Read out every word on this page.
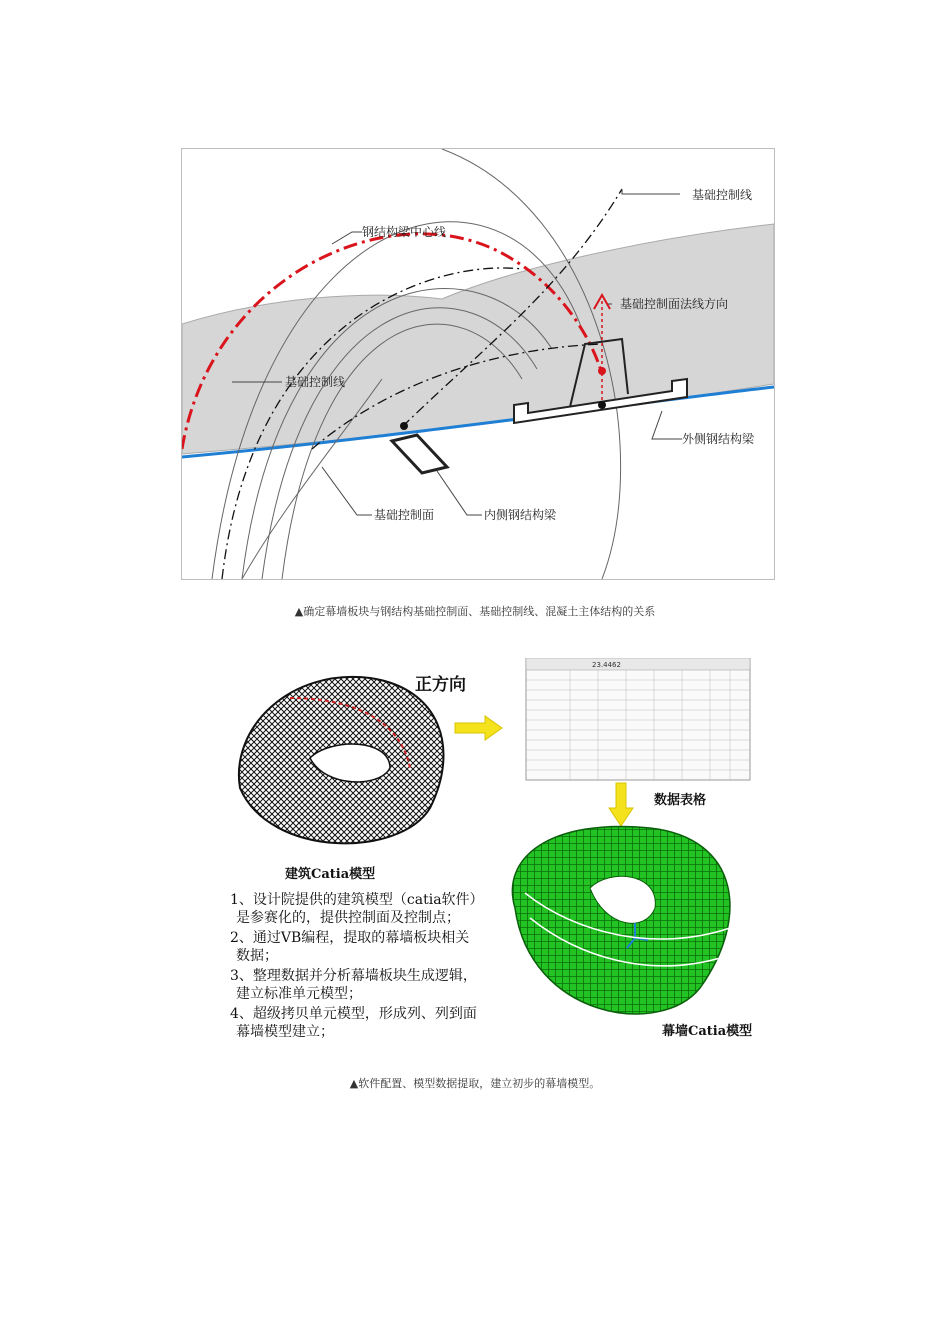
基础控制线
钢结构梁中心线
基础控制面法线方向
基础控制线
外侧钢结构梁
基础控制面	内侧钢结构梁
▲确定幕墙板块与钢结构基础控制面、基础控制线、混凝土主体结构的关系
正方向
建筑Catia模型
23.4462
数据表格
幕墙Catia模型
1、设计院提供的建筑模型（catia软件）
是参赛化的，提供控制面及控制点；
2、通过VB编程，提取的幕墙板块相关
数据；
3、整理数据并分析幕墙板块生成逻辑，
建立标准单元模型；
4、超级拷贝单元模型，形成列、列到面
幕墙模型建立；
▲软件配置、模型数据提取，建立初步的幕墙模型。
